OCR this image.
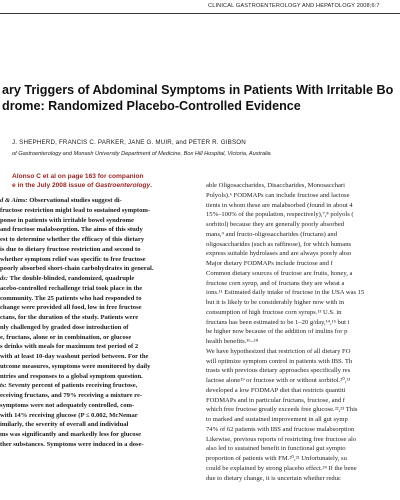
CLINICAL GASTROENTEROLOGY AND HEPATOLOGY 2008;6:7
ary Triggers of Abdominal Symptoms in Patients With Irritable Bo
drome: Randomized Placebo-Controlled Evidence
J. SHEPHERD, FRANCIS C. PARKER, JANE G. MUIR, and PETER R. GIBSON
of Gastroenterology and Monash University Department of Medicine, Box Hill Hospital, Victoria, Australia
Alonso C et al on page 163 for companion
e in the July 2008 issue of Gastroenterology.
d & Aims: Observational studies suggest di-
fructose restriction might lead to sustained symptom-
ponse in patients with irritable bowel syndrome
and fructose malabsorption. The aims of this study
est to determine whether the efficacy of this dietary
is due to dietary fructose restriction and second to
whether symptom relief was specific to free fructose
poorly absorbed short-chain carbohydrates in general.
ds: The double-blinded, randomized, quadruple
acebo-controlled rechallenge trial took place in the
community. The 25 patients who had responded to
change were provided all food, low in free fructose
ctans, for the duration of the study. Patients were
nly challenged by graded dose introduction of
e, fructans, alone or in combination, or glucose
s drinks with meals for maximum test period of 2
with at least 10-day washout period between. For the
utcome measures, symptoms were monitored by daily
ntries and responses to a global symptom question.
ts: Seventy percent of patients receiving fructose,
eceiving fructans, and 79% receiving a mixture re-
symptoms were not adequately controlled, com-
with 14% receiving glucose (P ≤ 0.002, McNemar
imilarly, the severity of overall and individual
ms was significantly and markedly less for glucose
ther substances. Symptoms were induced in a dose-
able Oligosaccharides, Disaccharides, Monosacchari
Polyols).⁶ FODMAPs can include fructose and lactose
tients in whom these are malabsorbed (found in about 4
15%–100% of the population, respectively),⁷,⁸ polyols (
sorbitol) because they are generally poorly absorbed
mans,⁹ and fructo-oligosaccharides (fructans) and
oligosaccharides (such as raffinose), for which humans
express suitable hydrolases and are always poorly abso
Major dietary FODMAPs include fructose and f
Common dietary sources of fructose are fruits, honey, a
fructose corn syrup, and of fructans they are wheat a
ions.¹¹ Estimated daily intake of fructose in the USA was 15
but it is likely to be considerably higher now with in
consumption of high fructose corn syrups.¹³ U.S. in
fructans has been estimated to be 1–20 g/day,¹⁴,¹⁵ but i
be higher now because of the addition of inulins for p
health benefits.¹⁶–¹⁸
We have hypothesized that restriction of all dietary FO
will optimize symptom control in patients with IBS. Th
trasts with previous dietary approaches specifically res
lactose alone¹⁹ or fructose with or without sorbitol.²⁰,²¹
developed a low FODMAP diet that restricts quantiti
FODMAPs and in particular fructans, fructose, and f
which free fructose greatly exceeds free glucose.²²,²³ This
to marked and sustained improvement in all gut symp
74% of 62 patients with IBS and fructose malabsorption
Likewise, previous reports of restricting free fructose alo
also led to sustained benefit in functional gut sympto
proportion of patients with FM.²⁰,²¹ Unfortunately, su
could be explained by strong placebo effect.²⁴ If the bene
due to dietary change, it is uncertain whether reduc
